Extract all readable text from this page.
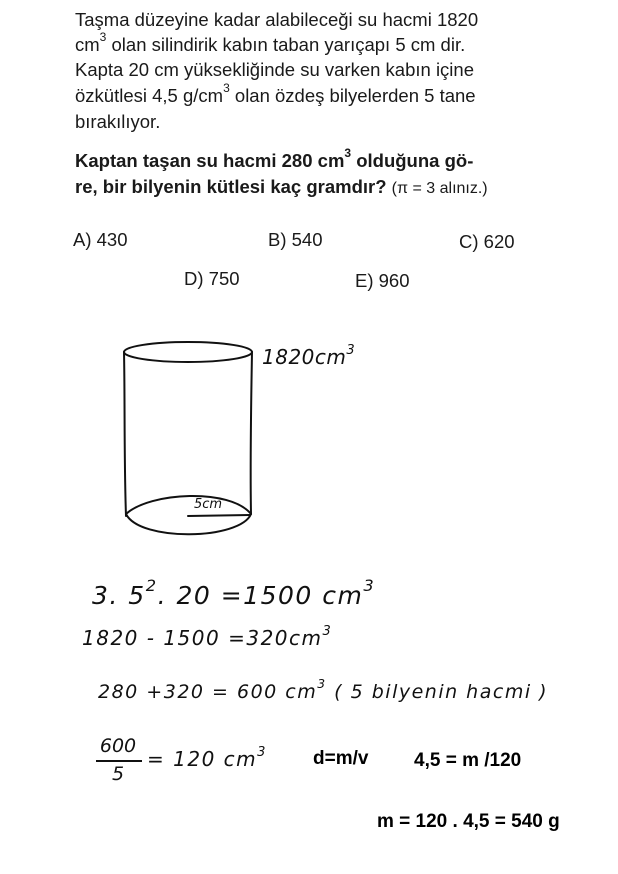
Taşma düzeyine kadar alabileceği su hacmi 1820
$cm^3$ olan silindirik kabın taban yarıçapı 5 cm dir.
Kapta 20 cm yüksekliğinde su varken kabın içine
özkütlesi 4,5 $g/cm^3$ olan özdeş bilyelerden 5 tane
bırakılıyor.
Kaptan taşan su hacmi 280 $cm^3$ olduğuna gö-
re, bir bilyenin kütlesi kaç gramdır? (π = 3 alınız.)
A) 430	B) 540	C) 620
D) 750	E) 960
$1820cm^3$
5cm
3. $5^2$. 20 =1500 $cm^3$
$1820 - 1500 =320cm^3$
280 +320 = 600 $cm^3$ ( 5 bilyenin hacmi )
600
5
= 120 $cm^3$ d=m/v 4,5 = m /120
m = 120 . 4,5 = 540 g
